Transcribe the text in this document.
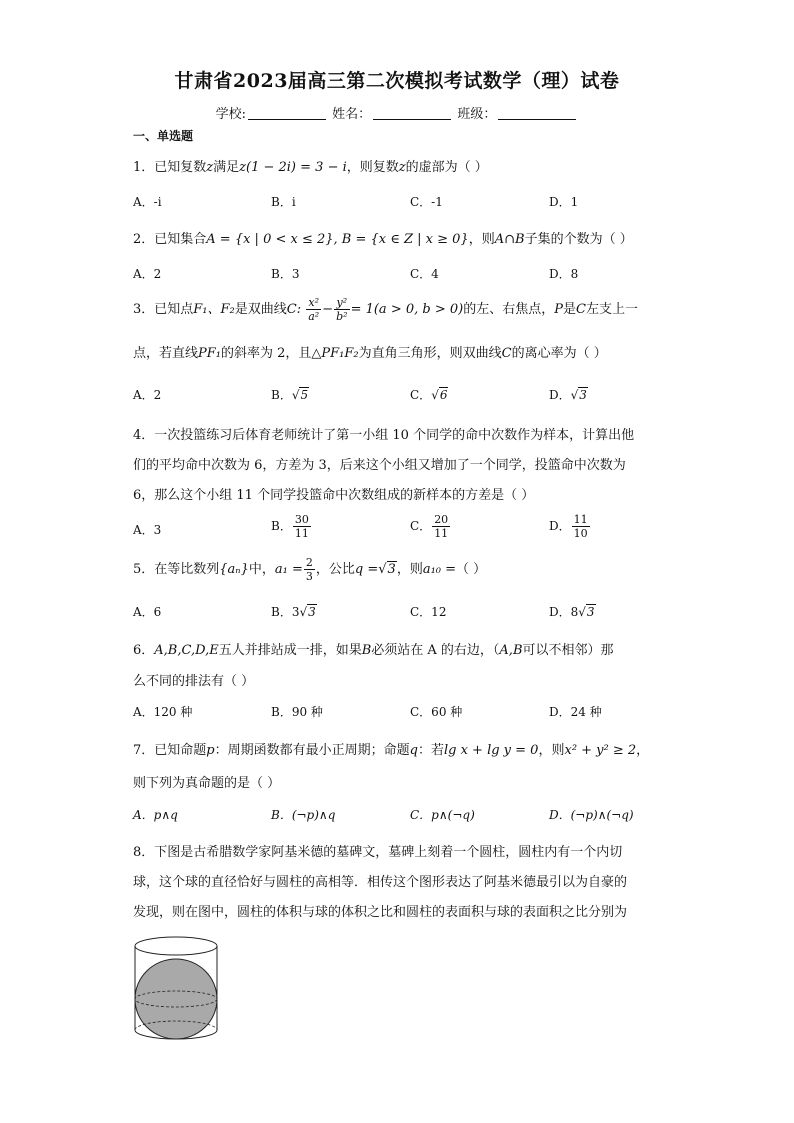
甘肃省2023届高三第二次模拟考试数学（理）试卷
学校:	姓名：	班级：
一、单选题
1．已知复数z满足z(1 − 2i) = 3 − i，则复数z的虚部为（ ）
A．-i	B．i	C．-1	D．1
2．已知集合A = {x | 0 < x ≤ 2}, B = {x ∈ Z | x ≥ 0}，则A∩B子集的个数为（ ）
A．2	B．3	C．4	D．8
3．已知点F₁、F₂是双曲线C: $\frac{\text{x²}}{\text{a²}} - \frac{\text{y²}}{\text{b²}} = 1(a > 0$, b > 0)的左、右焦点，P是C左支上一
点，若直线PF₁的斜率为 2，且△PF₁F₂为直角三角形，则双曲线C的离心率为（ ）
A．2	B．√5	C．√6	D．√3
4．一次投篮练习后体育老师统计了第一小组 10 个同学的命中次数作为样本，计算出他
们的平均命中次数为 6，方差为 3，后来这个小组又增加了一个同学，投篮命中次数为
6，那么这个小组 11 个同学投篮命中次数组成的新样本的方差是（ ）
A．3	B． $\frac{30}{11}$	C． $\frac{20}{11}$	D． $\frac{11}{10}$
5．在等比数列{aₙ}中，$a_1 = \frac{2}{3}$ ，公比q =√3，则a₁₀ =（ ）
A．6	B．3√3	C．12	D．8√3
6．A,B,C,D,E五人并排站成一排，如果B必须站在 A 的右边，（A,B可以不相邻）那
么不同的排法有（ ）
A．120 种	B．90 种	C．60 种	D．24 种
7．已知命题p：周期函数都有最小正周期；命题q：若lg x + lg y = 0，则x² + y² ≥ 2，
则下列为真命题的是（ ）
A．p∧q	B．(¬p)∧q	C．p∧(¬q)	D．(¬p)∧(¬q)
8．下图是古希腊数学家阿基米德的墓碑文，墓碑上刻着一个圆柱，圆柱内有一个内切
球，这个球的直径恰好与圆柱的高相等．相传这个图形表达了阿基米德最引以为自豪的
发现，则在图中，圆柱的体积与球的体积之比和圆柱的表面积与球的表面积之比分别为
